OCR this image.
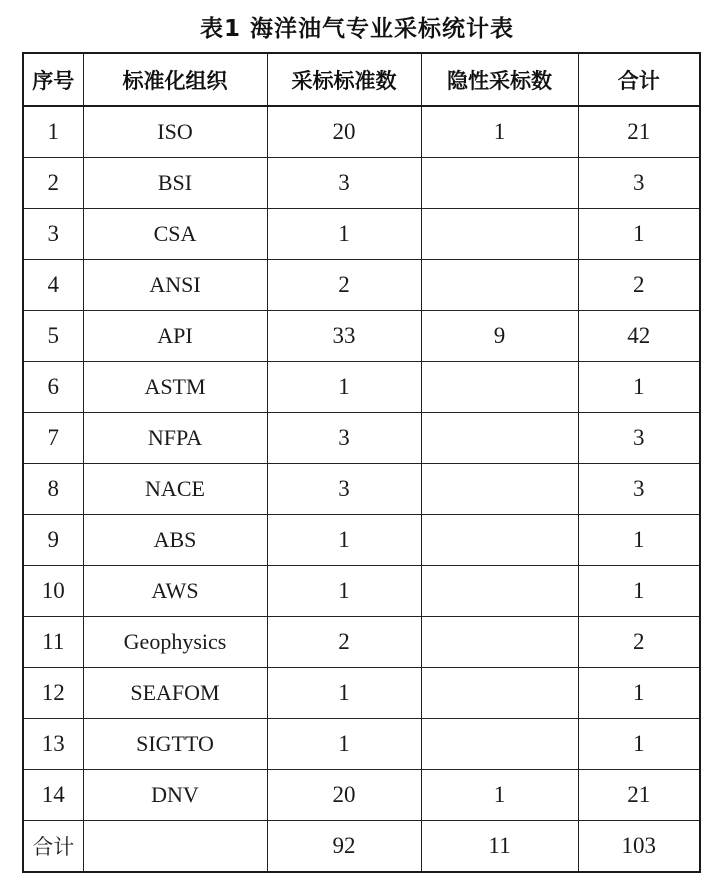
表1 海洋油气专业采标统计表
序号	标准化组织	采标标准数	隐性采标数	合计
1	ISO	20	1	21
2	BSI	3		3
3	CSA	1		1
4	ANSI	2		2
5	API	33	9	42
6	ASTM	1		1
7	NFPA	3		3
8	NACE	3		3
9	ABS	1		1
10	AWS	1		1
11	Geophysics	2		2
12	SEAFOM	1		1
13	SIGTTO	1		1
14	DNV	20	1	21
合计		92	11	103
